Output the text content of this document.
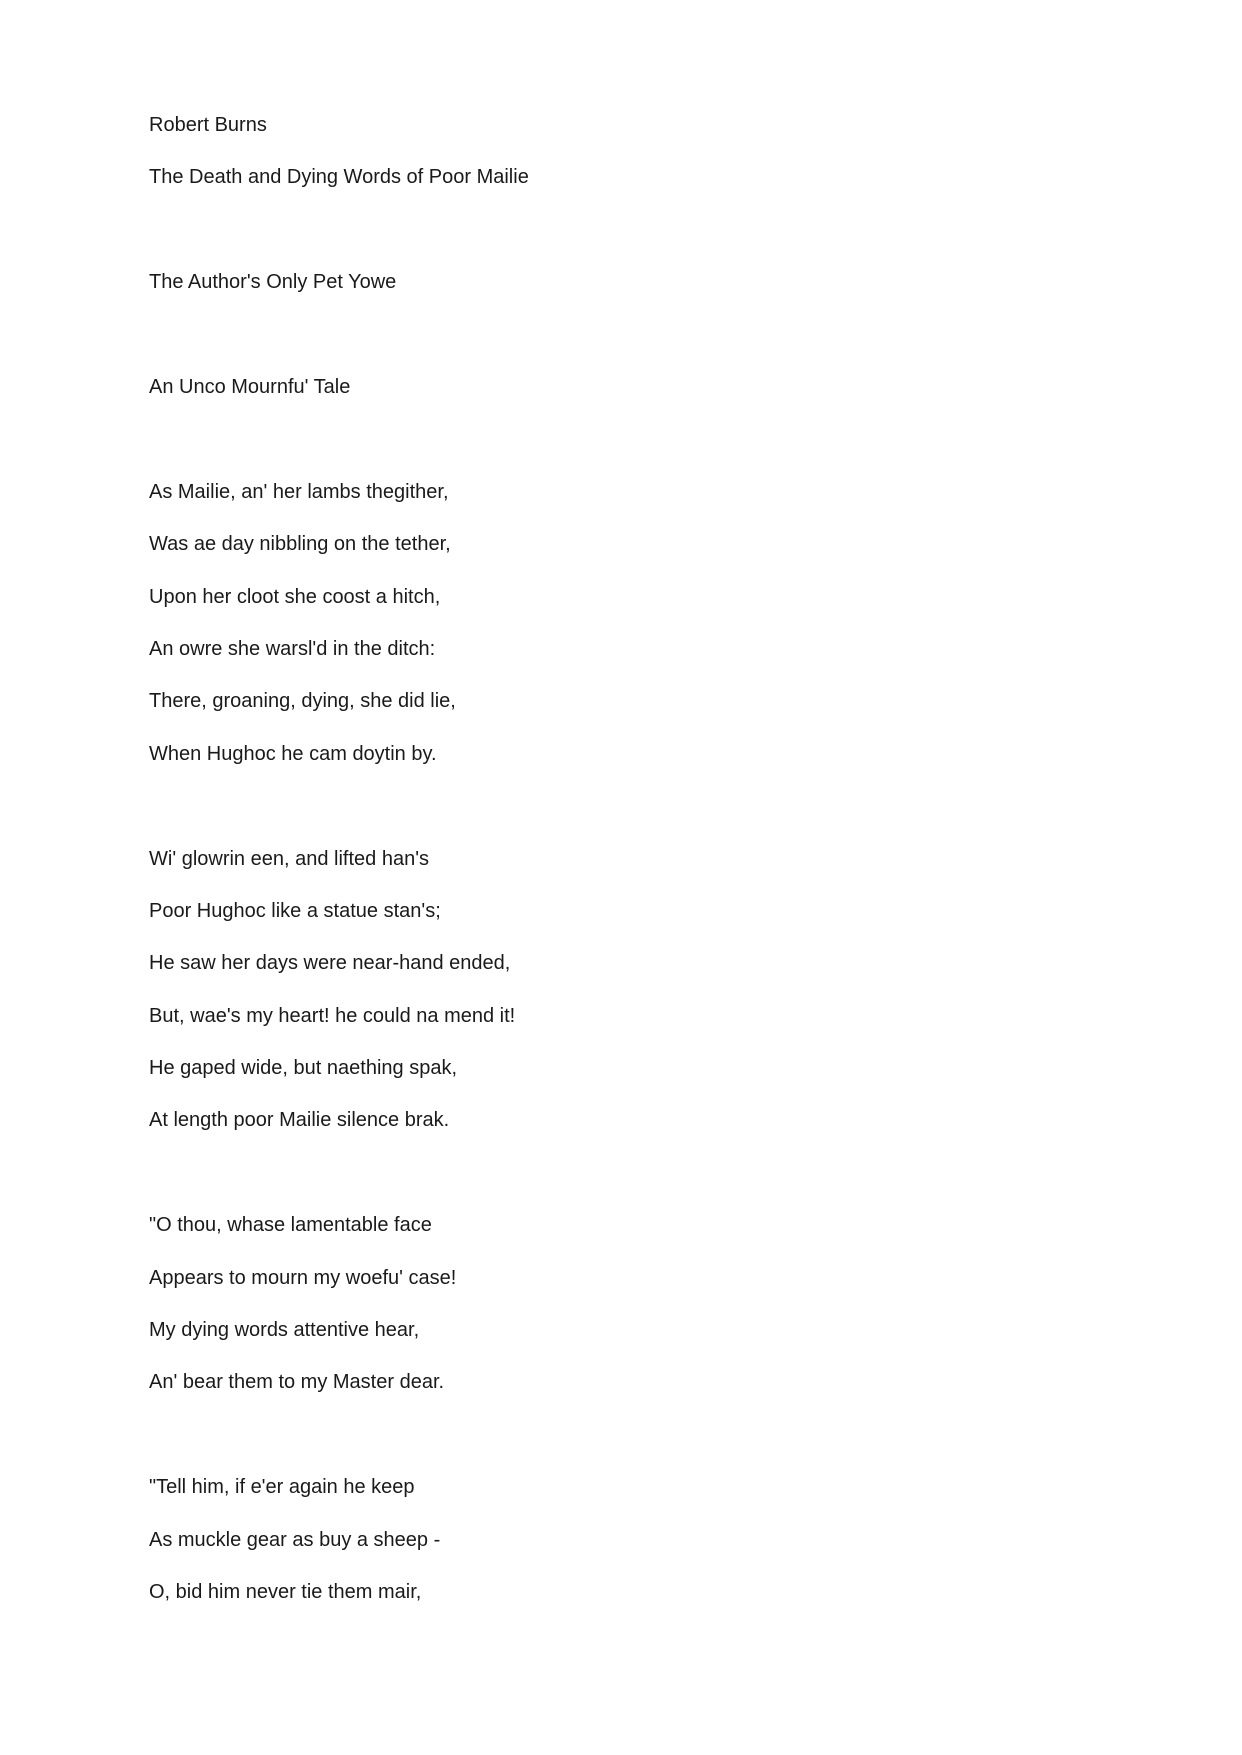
Robert Burns
The Death and Dying Words of Poor Mailie
The Author's Only Pet Yowe
An Unco Mournfu' Tale
As Mailie, an' her lambs thegither,
Was ae day nibbling on the tether,
Upon her cloot she coost a hitch,
An owre she warsl'd in the ditch:
There, groaning, dying, she did lie,
When Hughoc he cam doytin by.
Wi' glowrin een, and lifted han's
Poor Hughoc like a statue stan's;
He saw her days were near-hand ended,
But, wae's my heart! he could na mend it!
He gaped wide, but naething spak,
At length poor Mailie silence brak.
"O thou, whase lamentable face
Appears to mourn my woefu' case!
My dying words attentive hear,
An' bear them to my Master dear.
"Tell him, if e'er again he keep
As muckle gear as buy a sheep -
O, bid him never tie them mair,
